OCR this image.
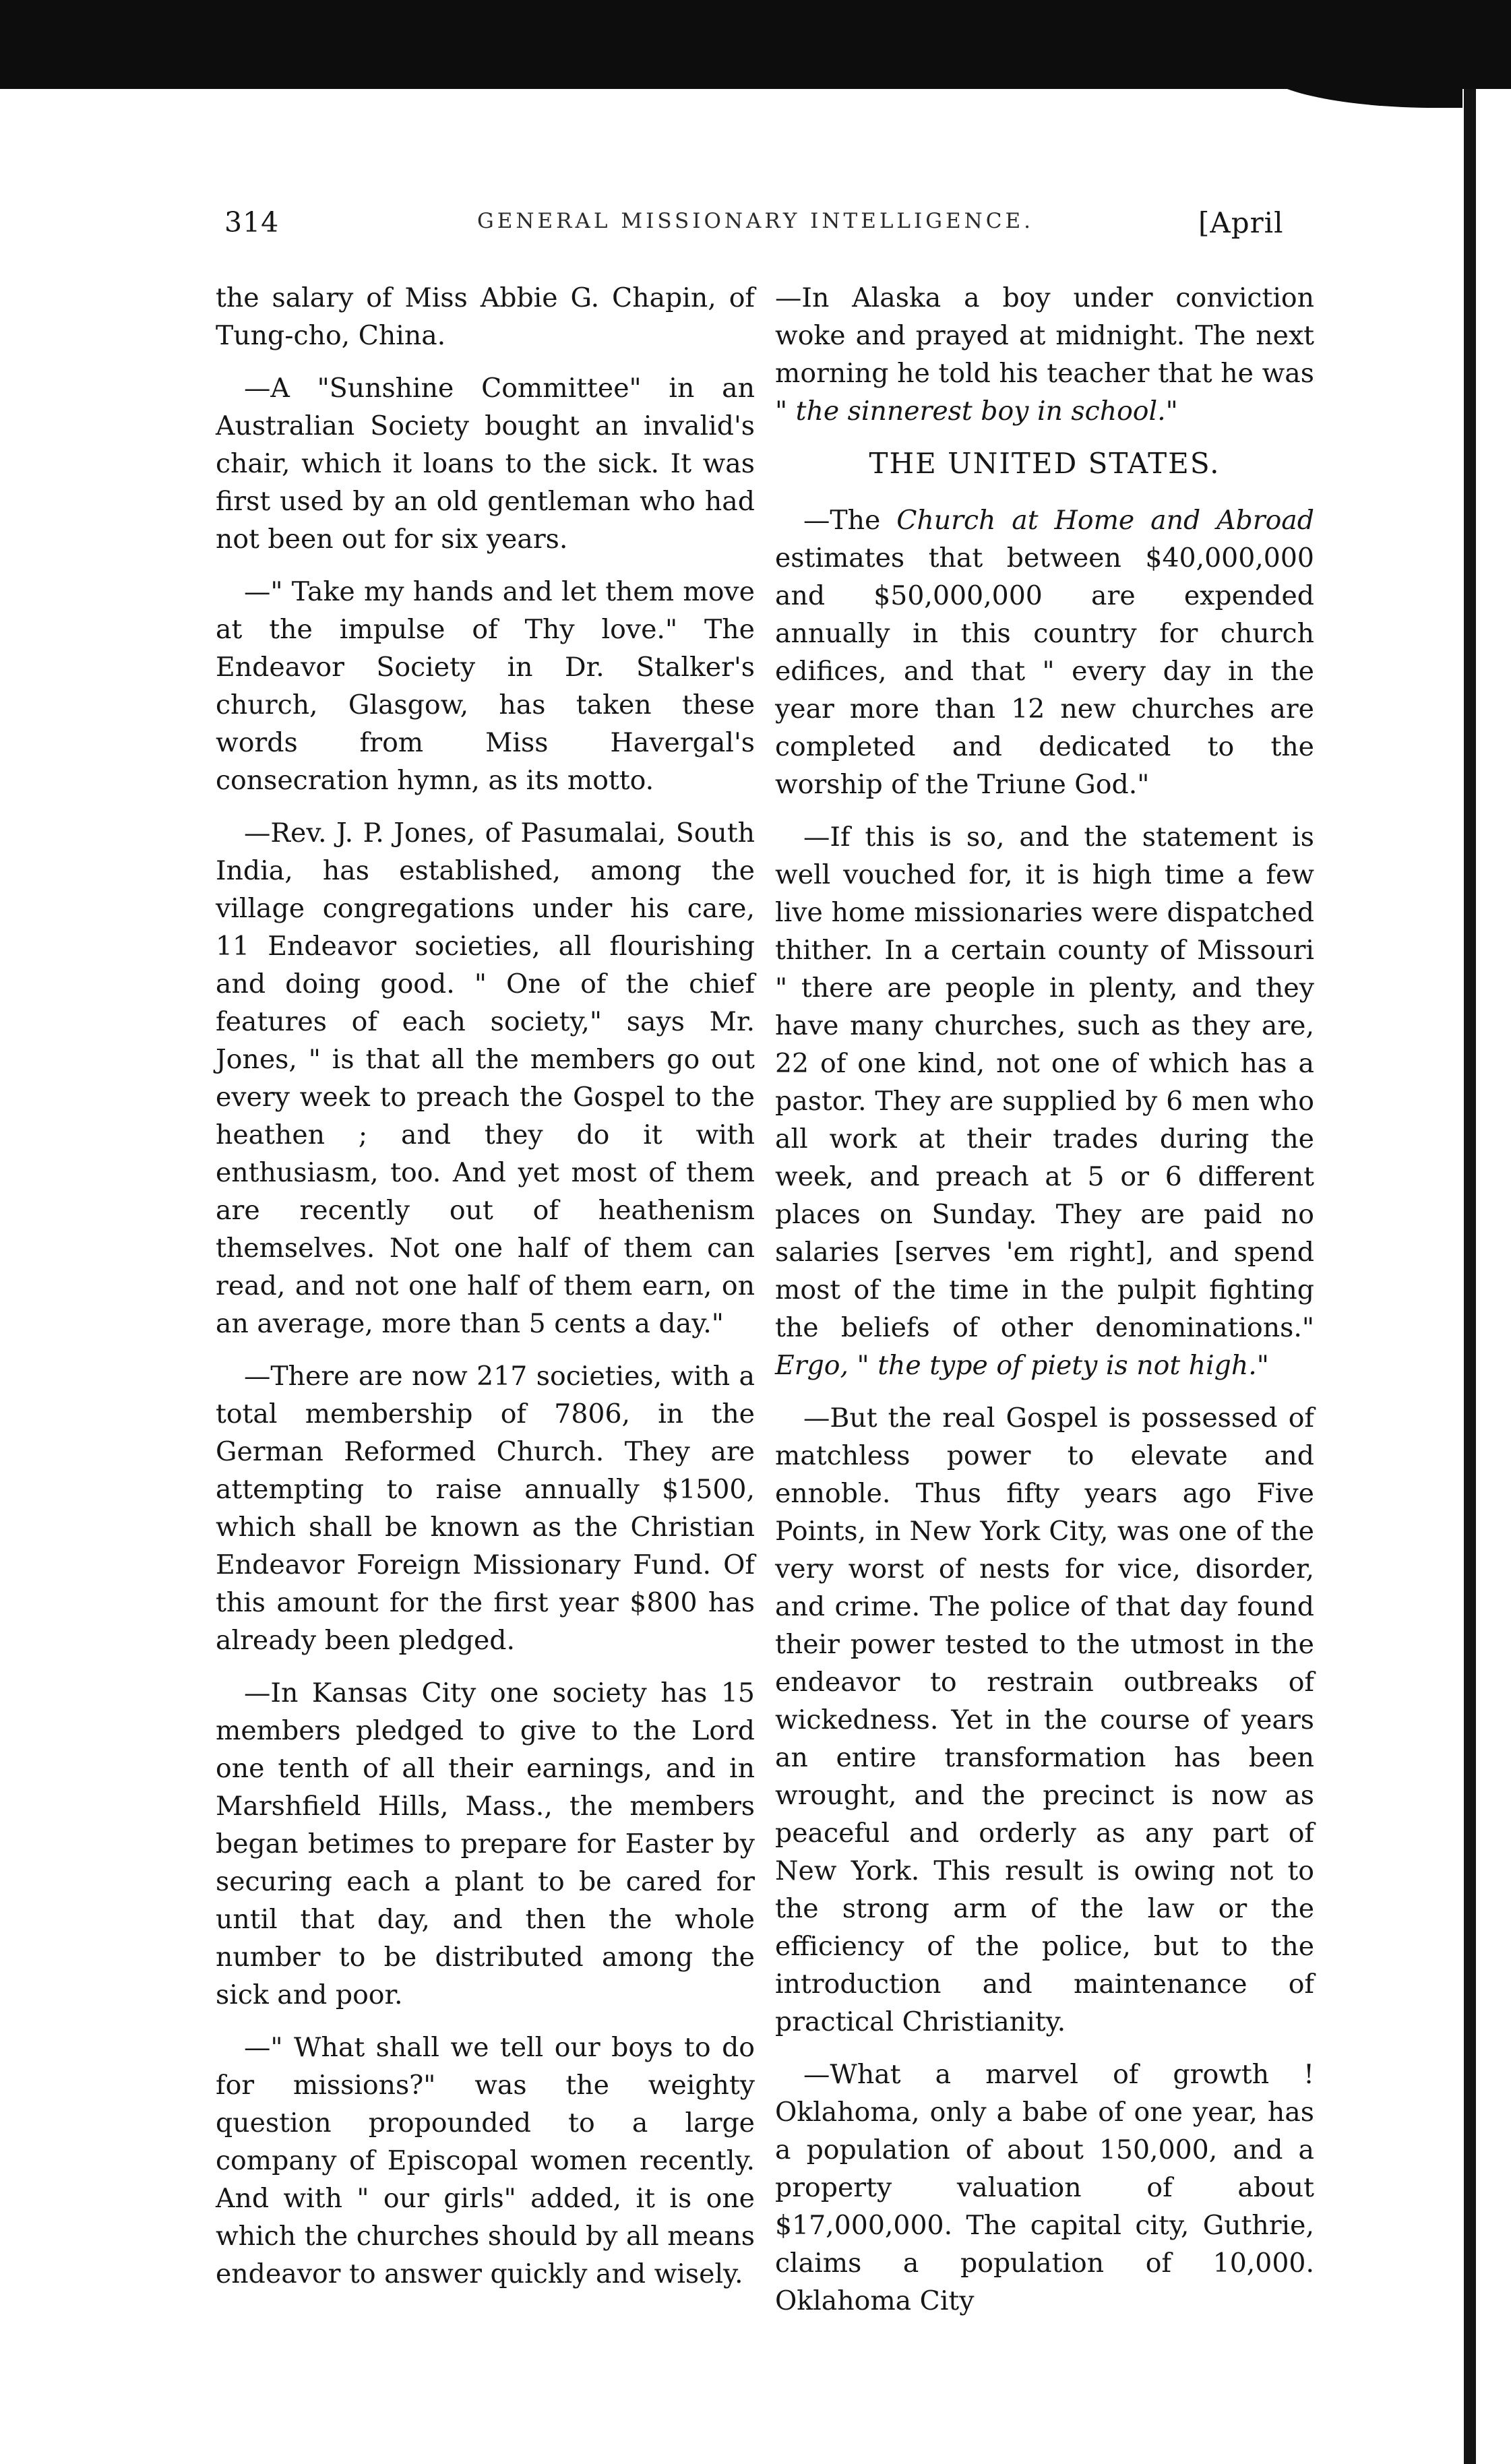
314	GENERAL MISSIONARY INTELLIGENCE.	[April

the salary of Miss Abbie G. Chapin, of Tung-cho, China.

—A "Sunshine Committee" in an Australian Society bought an invalid's chair, which it loans to the sick. It was first used by an old gentleman who had not been out for six years.

—" Take my hands and let them move at the impulse of Thy love." The Endeavor Society in Dr. Stalker's church, Glasgow, has taken these words from Miss Havergal's consecration hymn, as its motto.

—Rev. J. P. Jones, of Pasumalai, South India, has established, among the village congregations under his care, 11 Endeavor societies, all flourishing and doing good. " One of the chief features of each society," says Mr. Jones, " is that all the members go out every week to preach the Gospel to the heathen ; and they do it with enthusiasm, too. And yet most of them are recently out of heathenism themselves. Not one half of them can read, and not one half of them earn, on an average, more than 5 cents a day."

—There are now 217 societies, with a total membership of 7806, in the German Reformed Church. They are attempting to raise annually $1500, which shall be known as the Christian Endeavor Foreign Missionary Fund. Of this amount for the first year $800 has already been pledged.

—In Kansas City one society has 15 members pledged to give to the Lord one tenth of all their earnings, and in Marshfield Hills, Mass., the members began betimes to prepare for Easter by securing each a plant to be cared for until that day, and then the whole number to be distributed among the sick and poor.

—" What shall we tell our boys to do for missions?" was the weighty question propounded to a large company of Episcopal women recently. And with " our girls" added, it is one which the churches should by all means endeavor to answer quickly and wisely.

—In Alaska a boy under conviction woke and prayed at midnight. The next morning he told his teacher that he was " the sinnerest boy in school."

THE UNITED STATES.

—The Church at Home and Abroad estimates that between $40,000,000 and $50,000,000 are expended annually in this country for church edifices, and that " every day in the year more than 12 new churches are completed and dedicated to the worship of the Triune God."

—If this is so, and the statement is well vouched for, it is high time a few live home missionaries were dispatched thither. In a certain county of Missouri " there are people in plenty, and they have many churches, such as they are, 22 of one kind, not one of which has a pastor. They are supplied by 6 men who all work at their trades during the week, and preach at 5 or 6 different places on Sunday. They are paid no salaries [serves 'em right], and spend most of the time in the pulpit fighting the beliefs of other denominations." Ergo, " the type of piety is not high."

—But the real Gospel is possessed of matchless power to elevate and ennoble. Thus fifty years ago Five Points, in New York City, was one of the very worst of nests for vice, disorder, and crime. The police of that day found their power tested to the utmost in the endeavor to restrain outbreaks of wickedness. Yet in the course of years an entire transformation has been wrought, and the precinct is now as peaceful and orderly as any part of New York. This result is owing not to the strong arm of the law or the efficiency of the police, but to the introduction and maintenance of practical Christianity.

—What a marvel of growth ! Oklahoma, only a babe of one year, has a population of about 150,000, and a property valuation of about $17,000,000. The capital city, Guthrie, claims a population of 10,000. Oklahoma City
